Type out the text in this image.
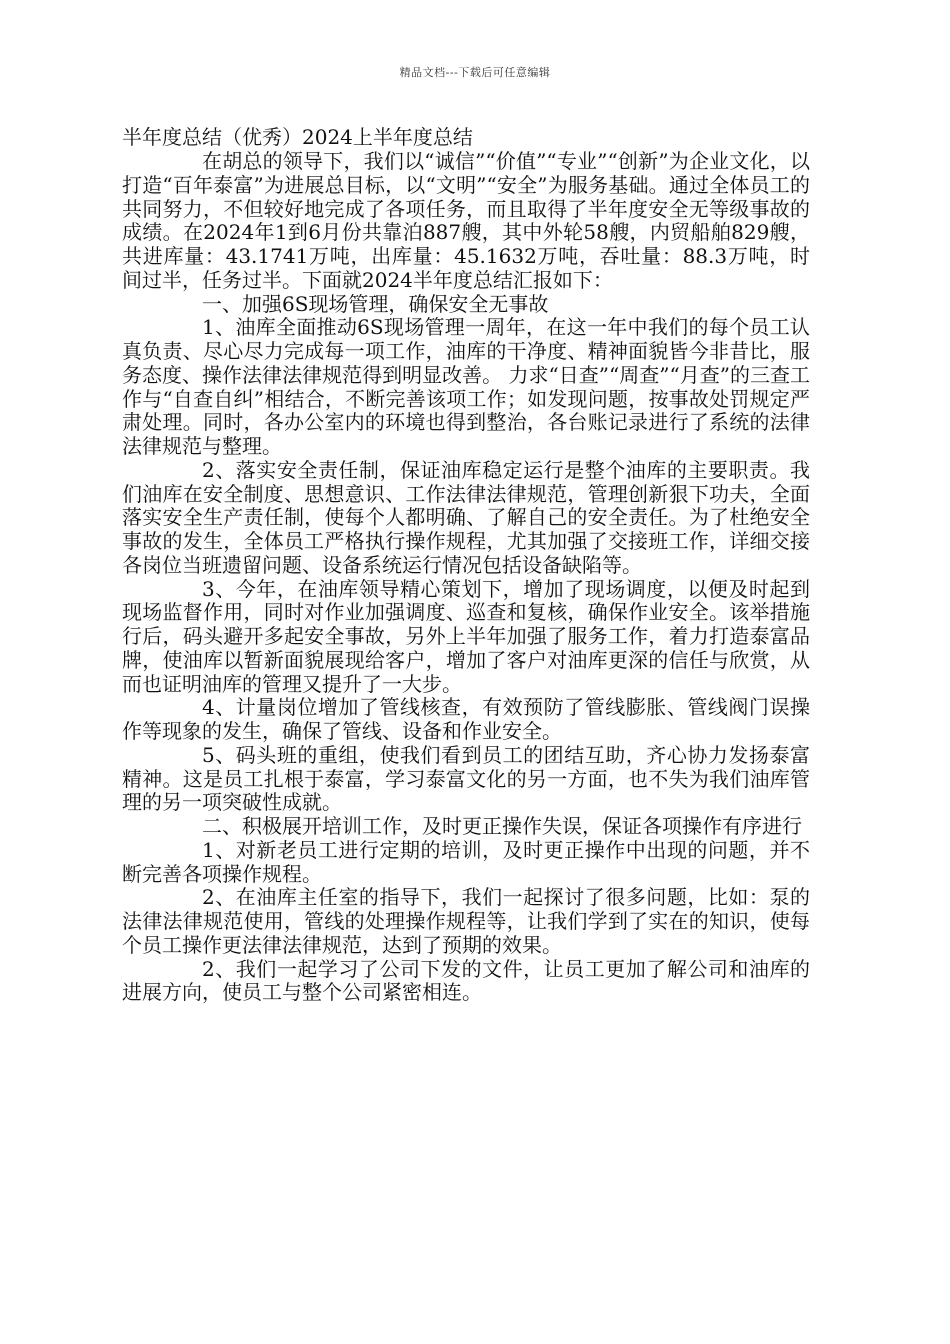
精品文档---下载后可任意编辑

半年度总结（优秀）2024上半年度总结

在胡总的领导下，我们以“诚信”“价值”“专业”“创新”为企业文化，以打造“百年泰富”为进展总目标，以“文明”“安全”为服务基础。通过全体员工的共同努力，不但较好地完成了各项任务，而且取得了半年度安全无等级事故的成绩。在2024年1到6月份共靠泊887艘，其中外轮58艘，内贸船舶829艘，共进库量：43.1741万吨，出库量：45.1632万吨，吞吐量：88.3万吨，时间过半，任务过半。下面就2024半年度总结汇报如下：

一、加强6S现场管理，确保安全无事故

1、油库全面推动6S现场管理一周年，在这一年中我们的每个员工认真负责、尽心尽力完成每一项工作，油库的干净度、精神面貌皆今非昔比，服务态度、操作法律法律规范得到明显改善。 力求“日查”“周查”“月查”的三查工作与“自查自纠”相结合，不断完善该项工作；如发现问题，按事故处罚规定严肃处理。同时，各办公室内的环境也得到整治，各台账记录进行了系统的法律法律规范与整理。

2、落实安全责任制，保证油库稳定运行是整个油库的主要职责。我们油库在安全制度、思想意识、工作法律法律规范，管理创新狠下功夫，全面落实安全生产责任制，使每个人都明确、了解自己的安全责任。为了杜绝安全事故的发生，全体员工严格执行操作规程，尤其加强了交接班工作，详细交接各岗位当班遗留问题、设备系统运行情况包括设备缺陷等。

3、今年，在油库领导精心策划下，增加了现场调度，以便及时起到现场监督作用，同时对作业加强调度、巡查和复核，确保作业安全。该举措施行后，码头避开多起安全事故，另外上半年加强了服务工作，着力打造泰富品牌，使油库以暂新面貌展现给客户，增加了客户对油库更深的信任与欣赏，从而也证明油库的管理又提升了一大步。

4、计量岗位增加了管线核查，有效预防了管线膨胀、管线阀门误操作等现象的发生，确保了管线、设备和作业安全。

5、码头班的重组，使我们看到员工的团结互助，齐心协力发扬泰富精神。这是员工扎根于泰富，学习泰富文化的另一方面，也不失为我们油库管理的另一项突破性成就。

二、积极展开培训工作，及时更正操作失误，保证各项操作有序进行

1、对新老员工进行定期的培训，及时更正操作中出现的问题，并不断完善各项操作规程。

2、在油库主任室的指导下，我们一起探讨了很多问题，比如：泵的法律法律规范使用，管线的处理操作规程等，让我们学到了实在的知识，使每个员工操作更法律法律规范，达到了预期的效果。

2、我们一起学习了公司下发的文件，让员工更加了解公司和油库的进展方向，使员工与整个公司紧密相连。
